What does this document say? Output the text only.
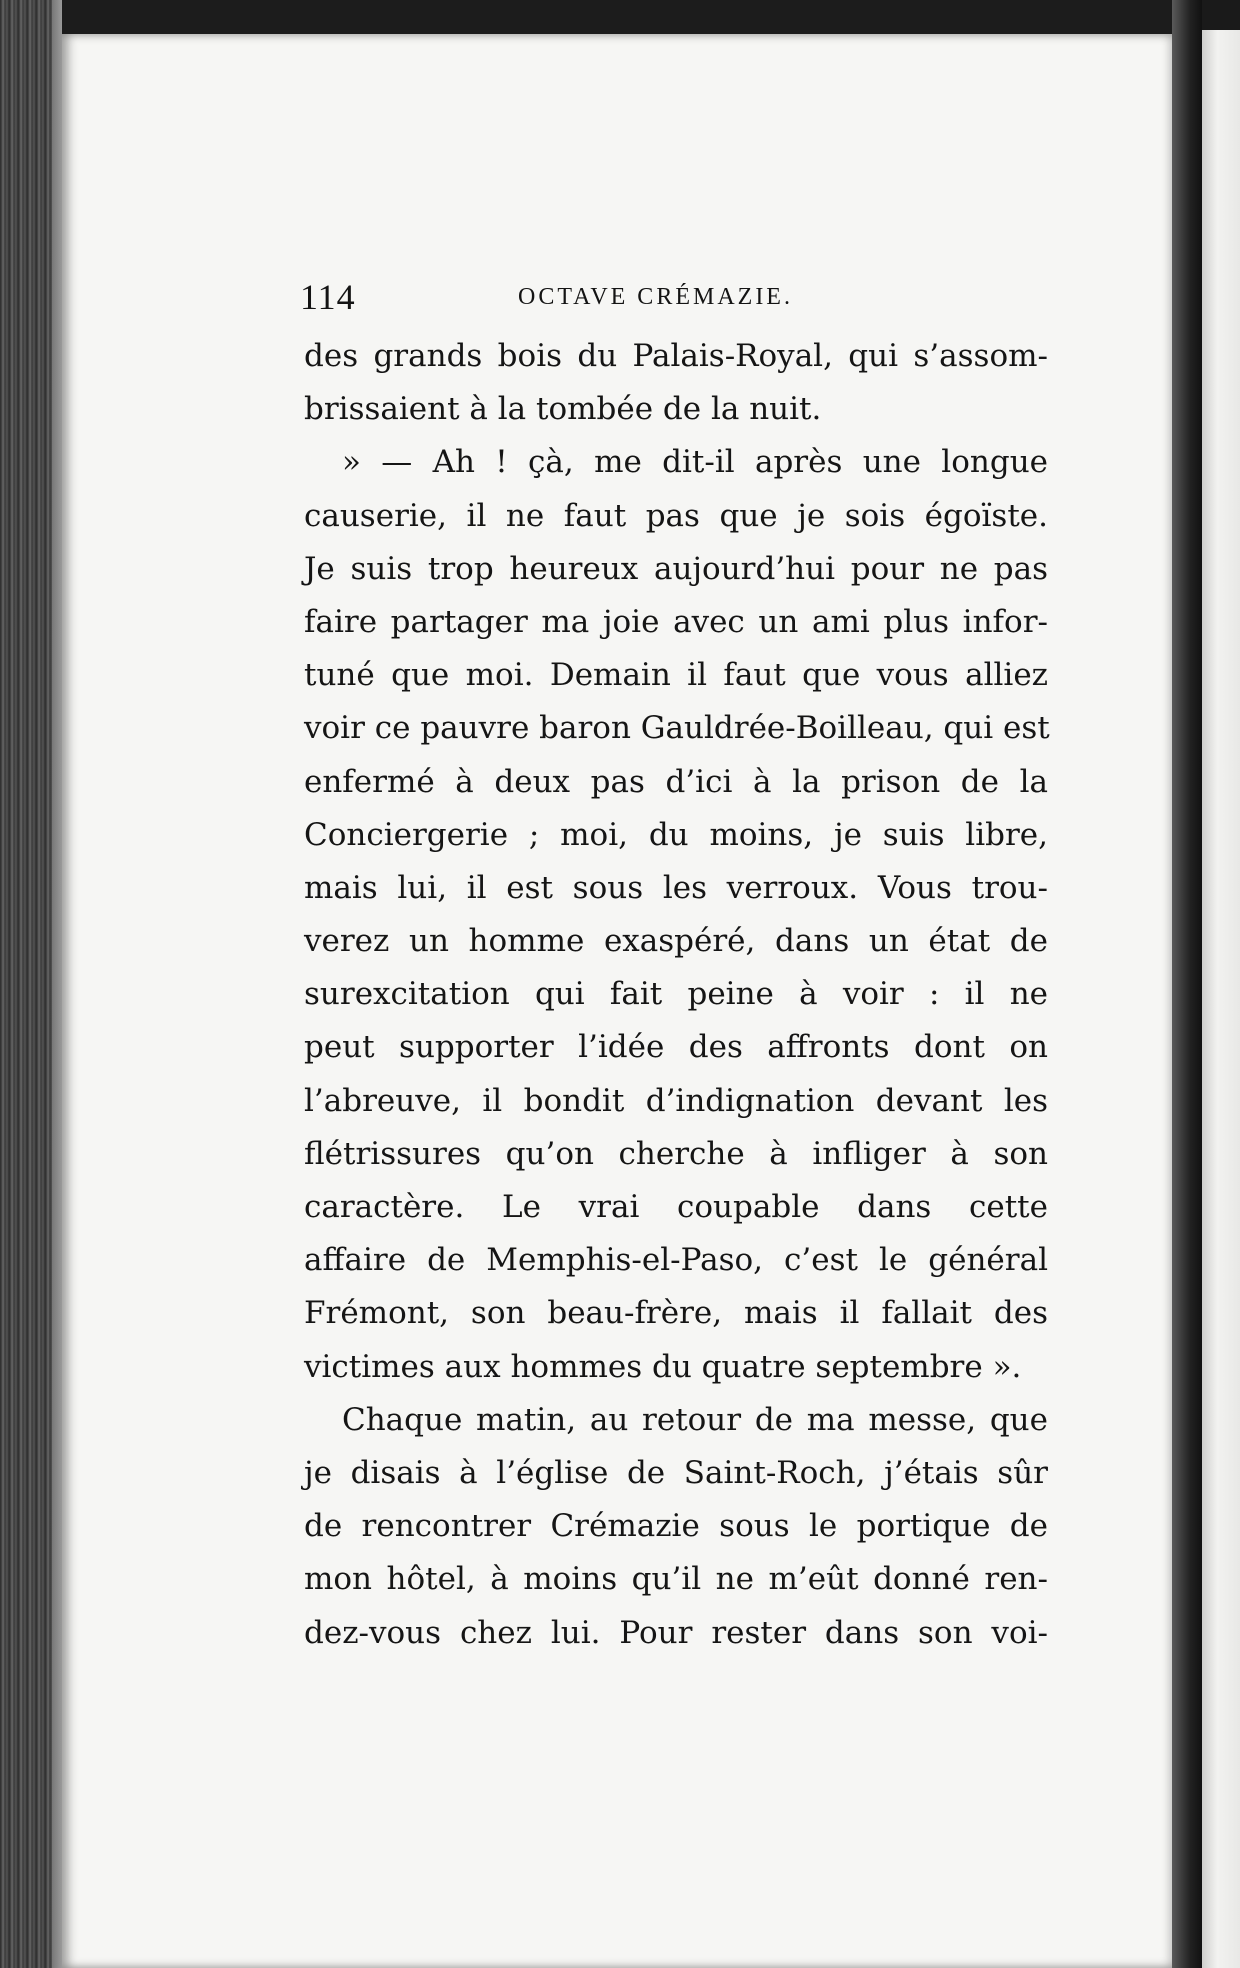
114	OCTAVE CRÉMAZIE.
des grands bois du Palais-Royal, qui s’assom-
brissaient à la tombée de la nuit.
» — Ah ! çà, me dit-il après une longue
causerie, il ne faut pas que je sois égoïste.
Je suis trop heureux aujourd’hui pour ne pas
faire partager ma joie avec un ami plus infor-
tuné que moi. Demain il faut que vous alliez
voir ce pauvre baron Gauldrée-Boilleau, qui est
enfermé à deux pas d’ici à la prison de la
Conciergerie ; moi, du moins, je suis libre,
mais lui, il est sous les verroux. Vous trou-
verez un homme exaspéré, dans un état de
surexcitation qui fait peine à voir : il ne
peut supporter l’idée des affronts dont on
l’abreuve, il bondit d’indignation devant les
flétrissures qu’on cherche à infliger à son
caractère. Le vrai coupable dans cette
affaire de Memphis-el-Paso, c’est le général
Frémont, son beau-frère, mais il fallait des
victimes aux hommes du quatre septembre ».
Chaque matin, au retour de ma messe, que
je disais à l’église de Saint-Roch, j’étais sûr
de rencontrer Crémazie sous le portique de
mon hôtel, à moins qu’il ne m’eût donné ren-
dez-vous chez lui. Pour rester dans son voi-
